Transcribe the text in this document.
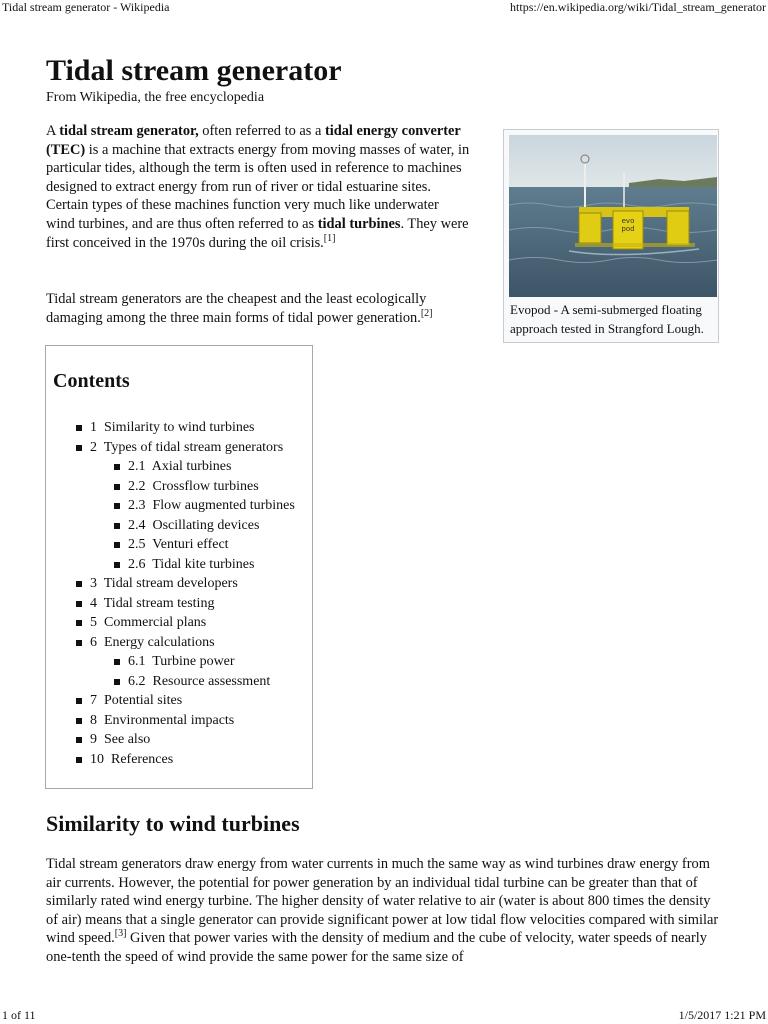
Tidal stream generator - Wikipedia	https://en.wikipedia.org/wiki/Tidal_stream_generator
Tidal stream generator
From Wikipedia, the free encyclopedia

A tidal stream generator, often referred to as a tidal energy converter (TEC) is a machine that extracts energy from moving masses of water, in particular tides, although the term is often used in reference to machines designed to extract energy from run of river or tidal estuarine sites. Certain types of these machines function very much like underwater wind turbines, and are thus often referred to as tidal turbines. They were first conceived in the 1970s during the oil crisis.[1]

Tidal stream generators are the cheapest and the least ecologically damaging among the three main forms of tidal power generation.[2]

evo
pod
Evopod - A semi-submerged floating approach tested in Strangford Lough.
Contents
1 Similarity to wind turbines
2 Types of tidal stream generators
2.1 Axial turbines
2.2 Crossflow turbines
2.3 Flow augmented turbines
2.4 Oscillating devices
2.5 Venturi effect
2.6 Tidal kite turbines
3 Tidal stream developers
4 Tidal stream testing
5 Commercial plans
6 Energy calculations
6.1 Turbine power
6.2 Resource assessment
7 Potential sites
8 Environmental impacts
9 See also
10 References
Similarity to wind turbines

Tidal stream generators draw energy from water currents in much the same way as wind turbines draw energy from air currents. However, the potential for power generation by an individual tidal turbine can be greater than that of similarly rated wind energy turbine. The higher density of water relative to air (water is about 800 times the density of air) means that a single generator can provide significant power at low tidal flow velocities compared with similar wind speed.[3] Given that power varies with the density of medium and the cube of velocity, water speeds of nearly one-tenth the speed of wind provide the same power for the same size of

1 of 11	1/5/2017 1:21 PM
